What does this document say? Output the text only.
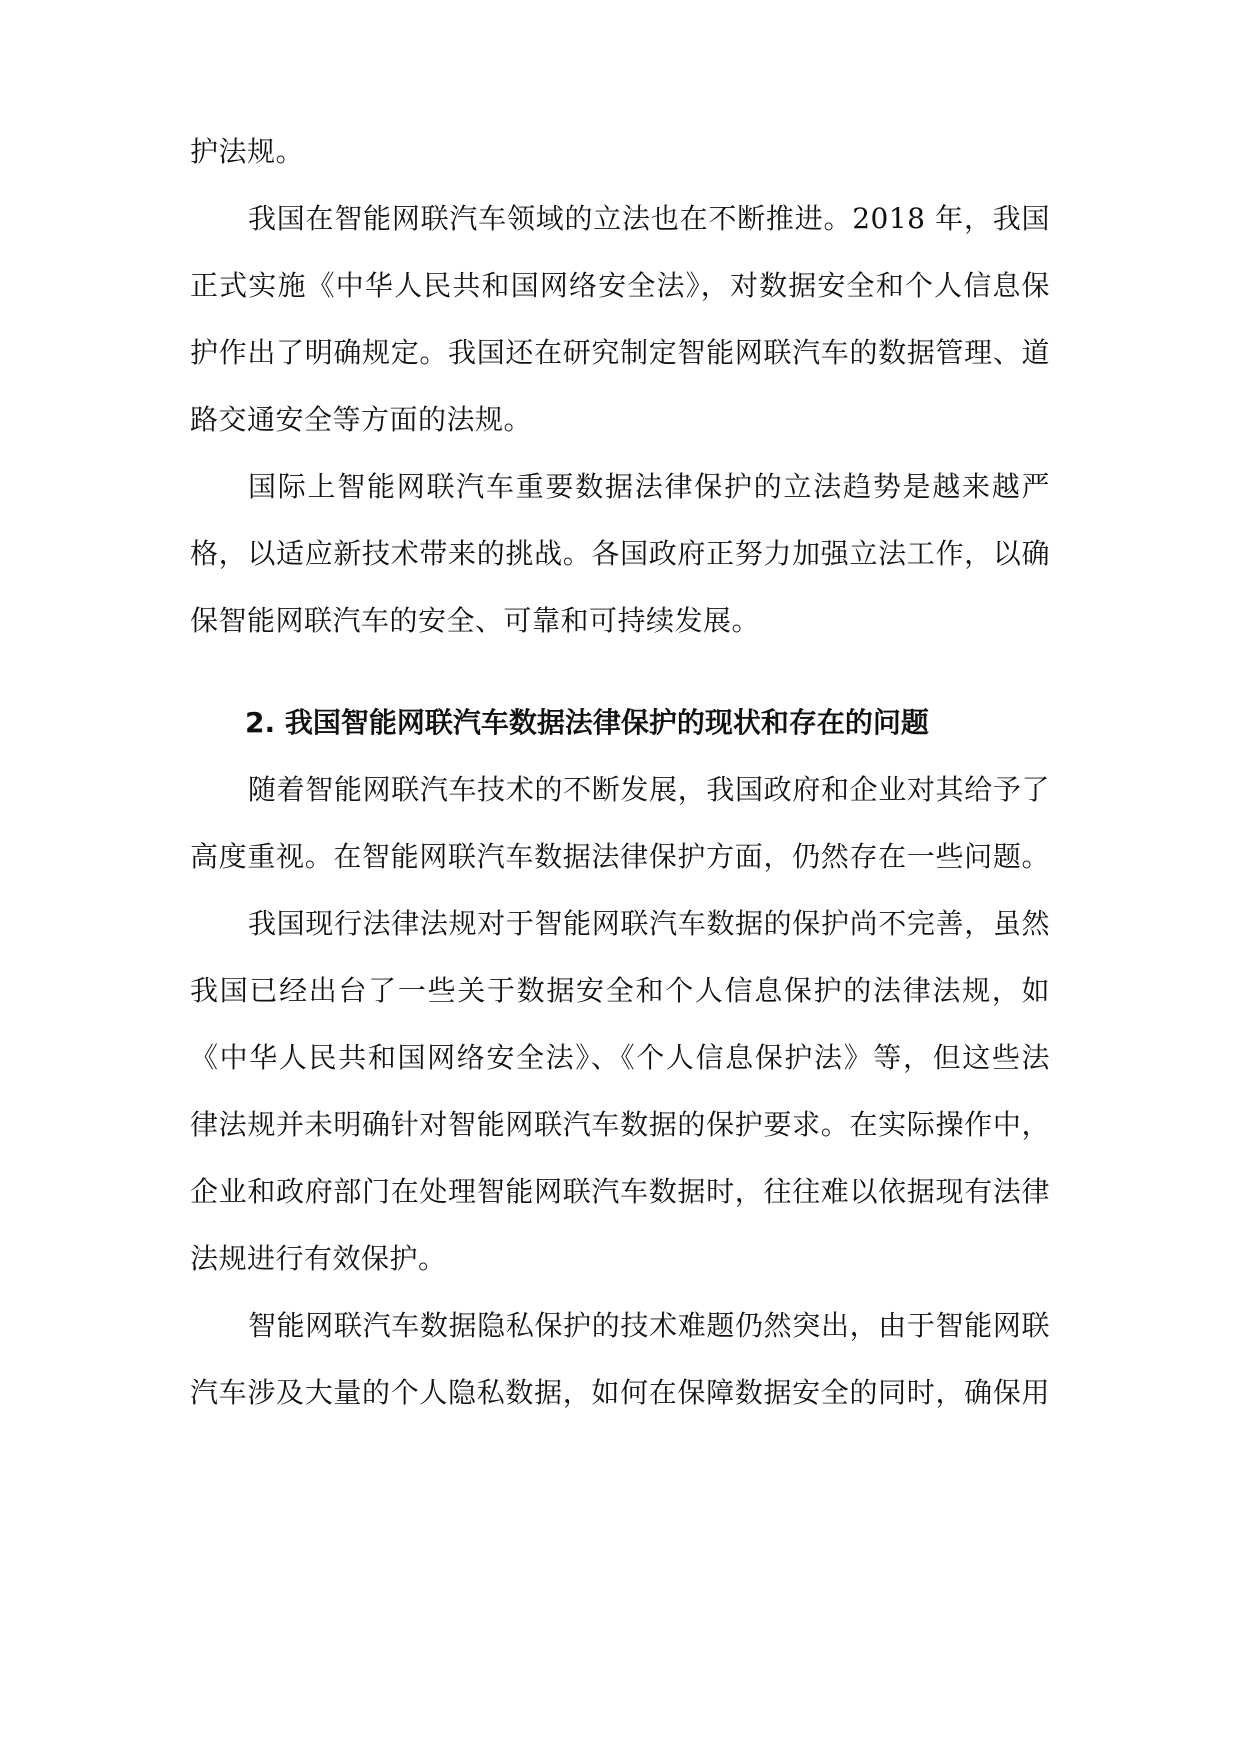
护法规。
我国在智能网联汽车领域的立法也在不断推进。2018 年，我国
正式实施《中华人民共和国网络安全法》，对数据安全和个人信息保
护作出了明确规定。我国还在研究制定智能网联汽车的数据管理、道
路交通安全等方面的法规。
国际上智能网联汽车重要数据法律保护的立法趋势是越来越严
格，以适应新技术带来的挑战。各国政府正努力加强立法工作，以确
保智能网联汽车的安全、可靠和可持续发展。
2. 我国智能网联汽车数据法律保护的现状和存在的问题
随着智能网联汽车技术的不断发展，我国政府和企业对其给予了
高度重视。在智能网联汽车数据法律保护方面，仍然存在一些问题。
我国现行法律法规对于智能网联汽车数据的保护尚不完善，虽然
我国已经出台了一些关于数据安全和个人信息保护的法律法规，如
《中华人民共和国网络安全法》、《个人信息保护法》等，但这些法
律法规并未明确针对智能网联汽车数据的保护要求。在实际操作中，
企业和政府部门在处理智能网联汽车数据时，往往难以依据现有法律
法规进行有效保护。
智能网联汽车数据隐私保护的技术难题仍然突出，由于智能网联
汽车涉及大量的个人隐私数据，如何在保障数据安全的同时，确保用
